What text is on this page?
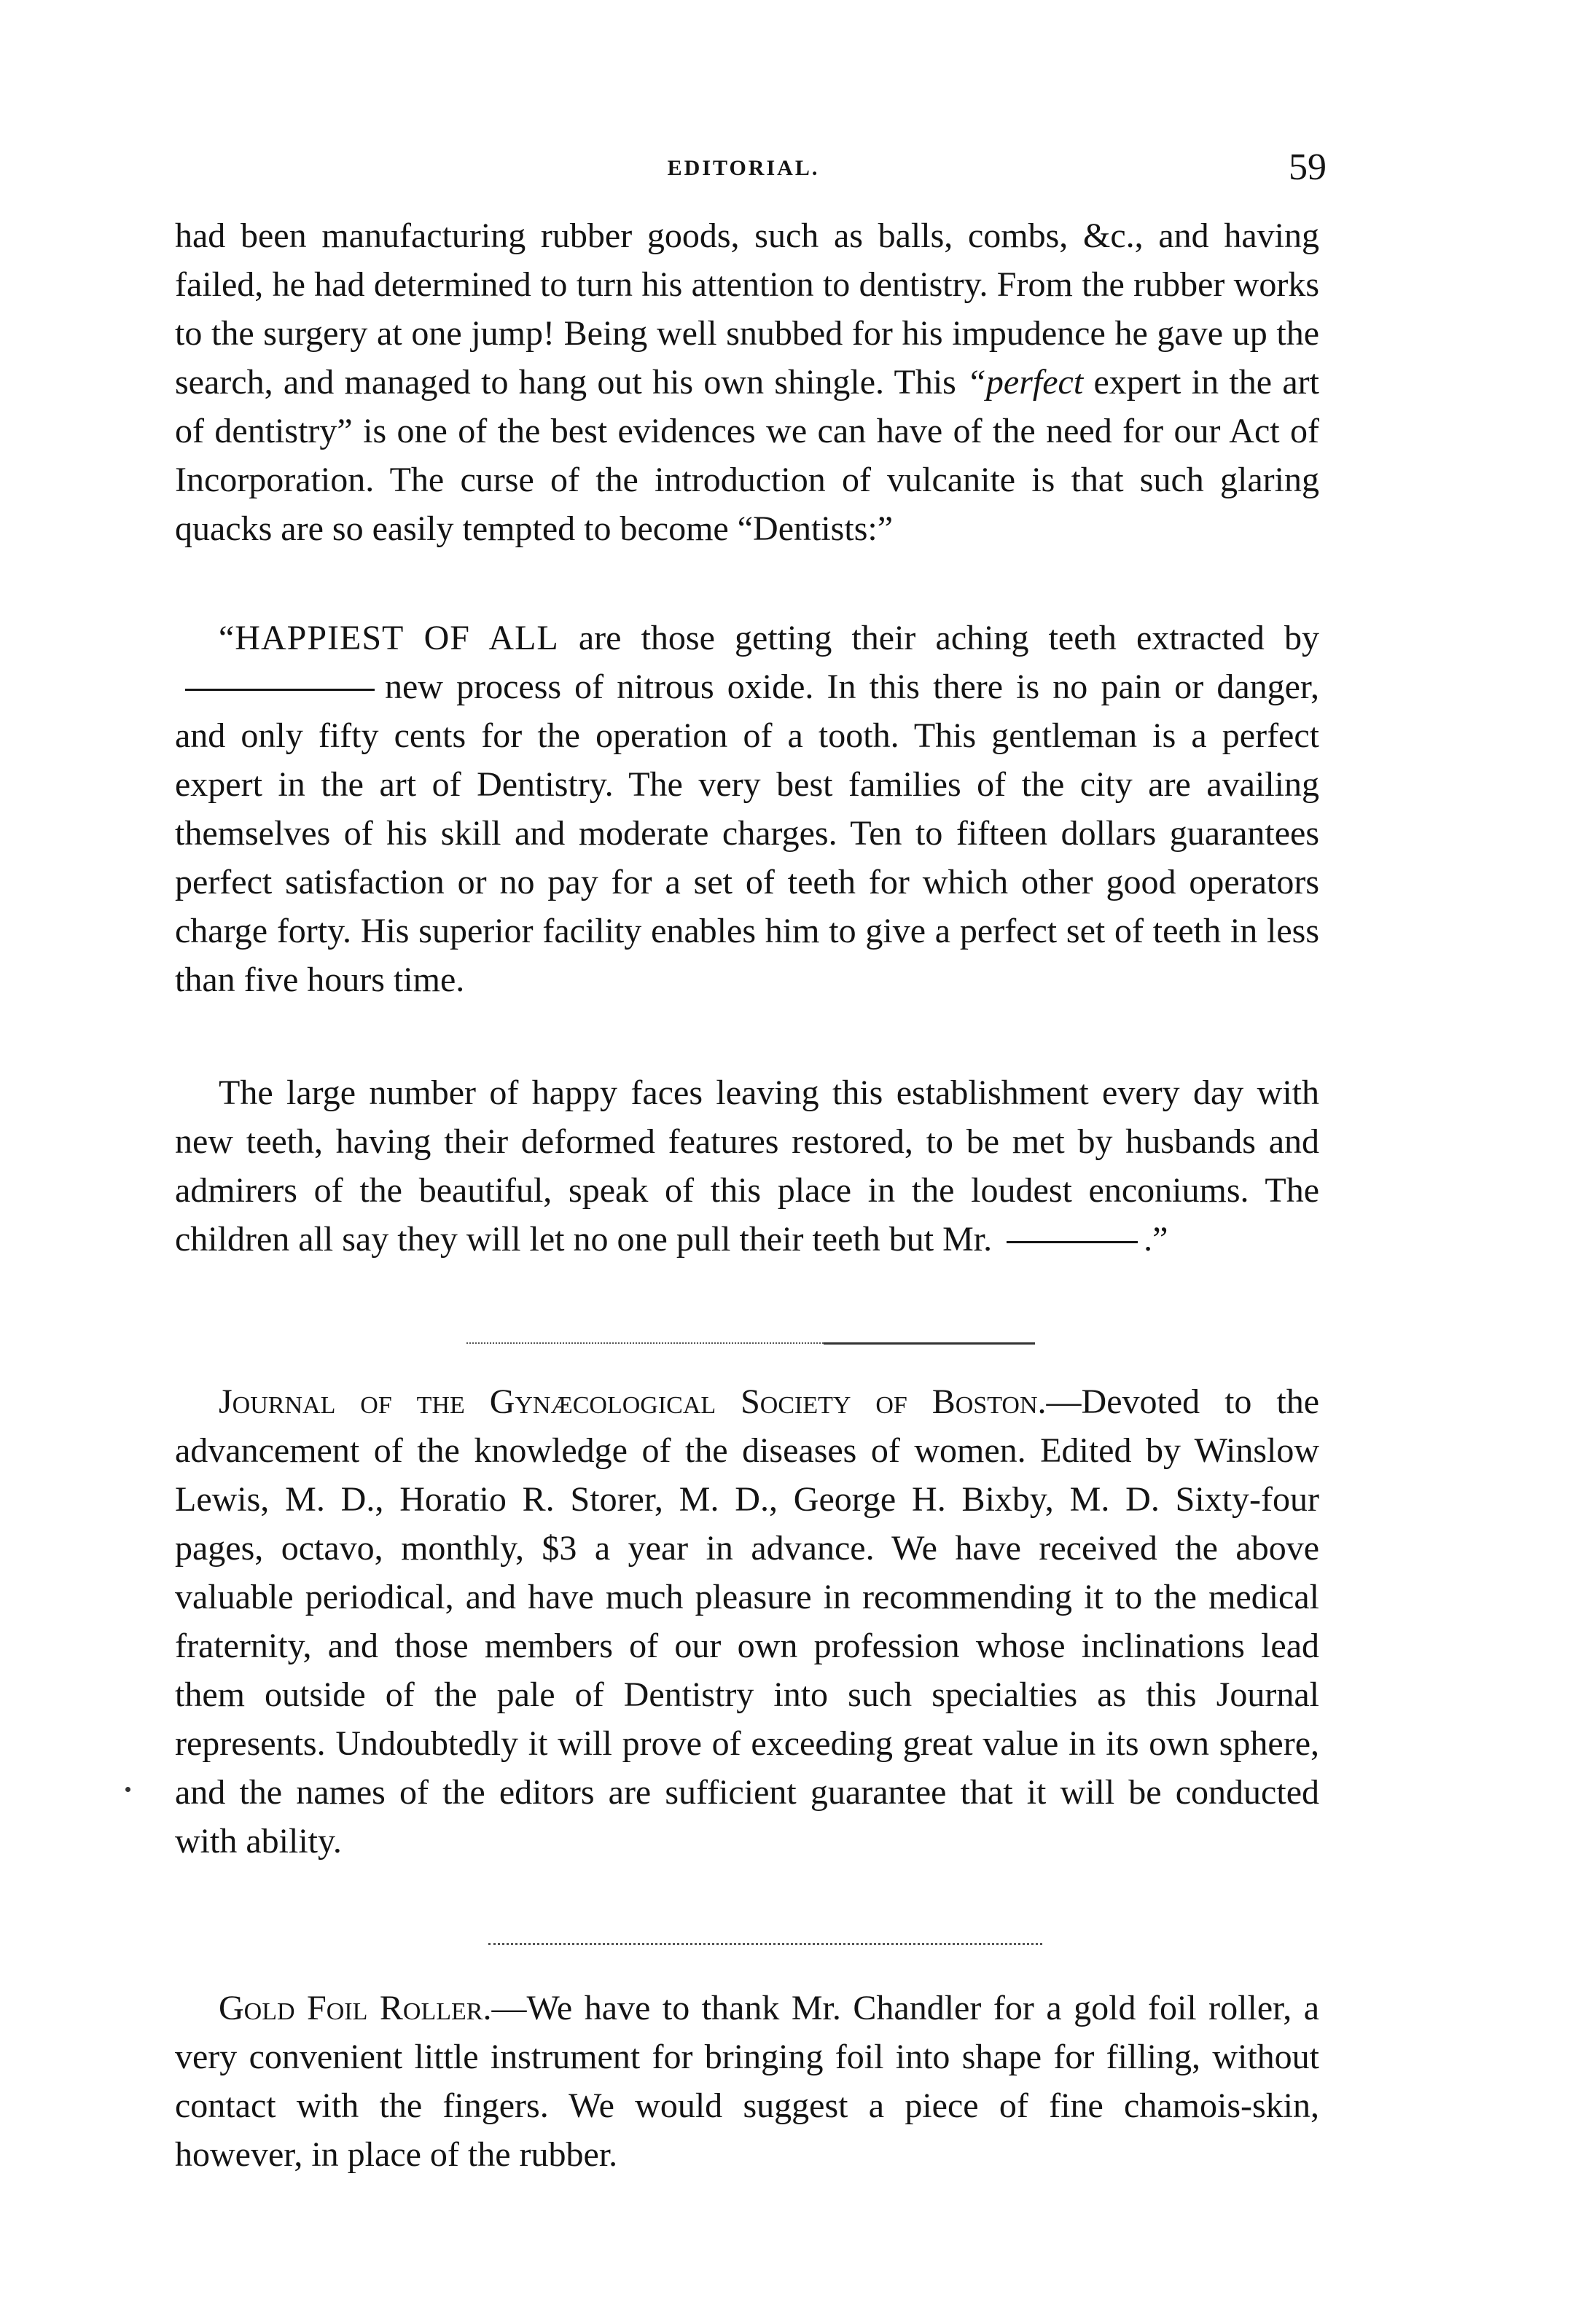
EDITORIAL.	59

had been manufacturing rubber goods, such as balls, combs, &c., and having failed, he had determined to turn his attention to dentistry. From the rubber works to the surgery at one jump! Being well snubbed for his impudence he gave up the search, and managed to hang out his own shingle. This “perfect expert in the art of dentistry” is one of the best evidences we can have of the need for our Act of Incorporation. The curse of the introduction of vulcanite is that such glaring quacks are so easily tempted to become “Dentists:”

“HAPPIEST OF ALL are those getting their aching teeth extracted bynew process of nitrous oxide. In this there is no pain or danger, and only fifty cents for the operation of a tooth. This gentleman is a perfect expert in the art of Dentistry. The very best families of the city are availing themselves of his skill and moderate charges. Ten to fifteen dollars guarantees perfect satisfaction or no pay for a set of teeth for which other good operators charge forty. His superior facility enables him to give a perfect set of teeth in less than five hours time.

The large number of happy faces leaving this establishment every day with new teeth, having their deformed features restored, to be met by husbands and admirers of the beautiful, speak of this place in the loudest enconiums. The children all say they will let no one pull their teeth but Mr.	.”

Journal of the Gynæcological Society of Boston.—Devoted to the advancement of the knowledge of the diseases of women. Edited by Winslow Lewis, M. D., Horatio R. Storer, M. D., George H. Bixby, M. D. Sixty-four pages, octavo, monthly, $3 a year in advance. We have received the above valuable periodical, and have much pleasure in recommending it to the medical fraternity, and those members of our own profession whose inclinations lead them outside of the pale of Dentistry into such specialties as this Journal represents. Undoubtedly it will prove of exceeding great value in its own sphere, and the names of the editors are sufficient guarantee that it will be conducted with ability.

Gold Foil Roller.—We have to thank Mr. Chandler for a gold foil roller, a very convenient little instrument for bringing foil into shape for filling, without contact with the fingers. We would suggest a piece of fine chamois-skin, however, in place of the rubber.
